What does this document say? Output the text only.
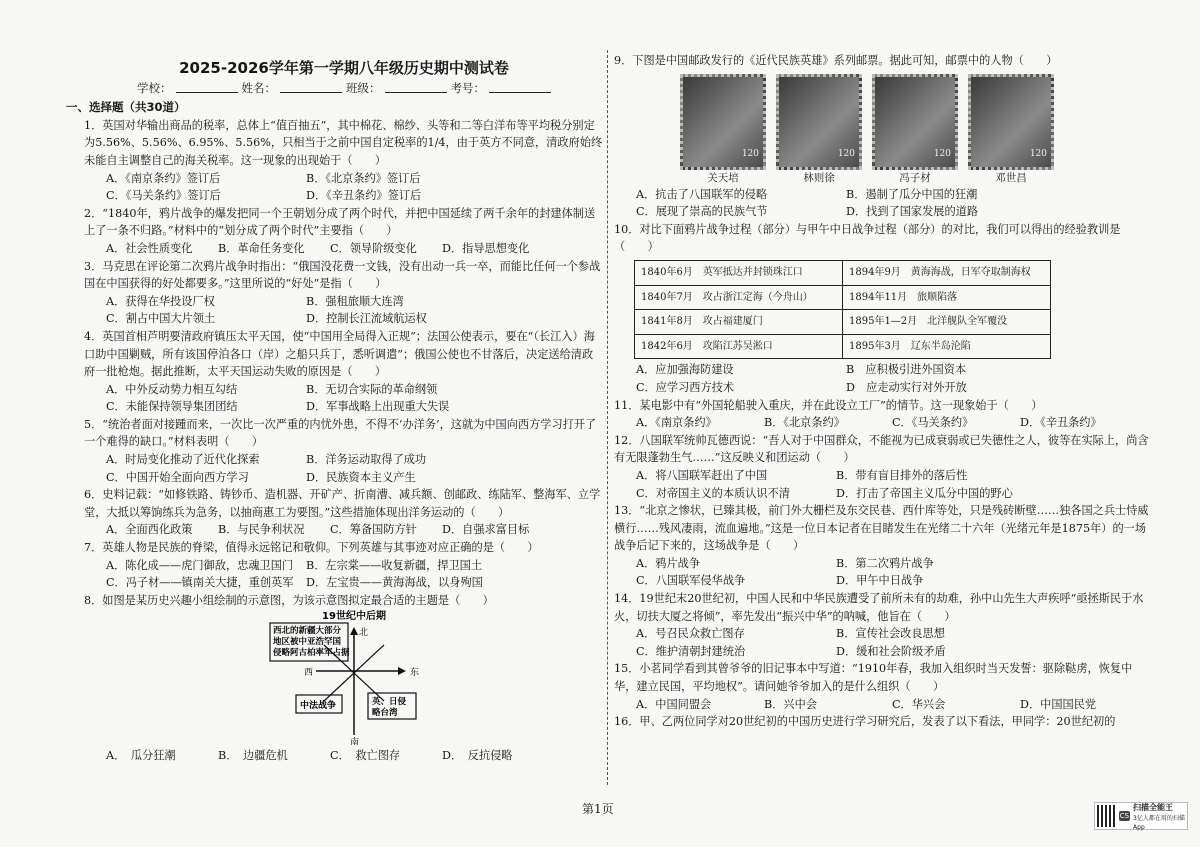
2025-2026学年第一学期八年级历史期中测试卷
学校：	姓名：	班级：	考号：
一、选择题（共30道）

1．英国对华输出商品的税率，总体上“值百抽五”，其中棉花、棉纱、头等和二等白洋布等平均税分别定为5.56%、5.56%、6.95%、5.56%，只相当于之前中国自定税率的1/4，由于英方不同意，清政府始终未能自主调整自己的海关税率。这一现象的出现始于（　　）

A．《南京条约》签订后	B．《北京条约》签订后
C．《马关条约》签订后	D．《辛丑条约》签订后

2．“1840年，鸦片战争的爆发把同一个王朝划分成了两个时代，并把中国延续了两千余年的封建体制送上了一条不归路。”材料中的“划分成了两个时代”主要指（　　）

A．社会性质变化	B．革命任务变化	C．领导阶级变化	D．指导思想变化

3．马克思在评论第二次鸦片战争时指出：“俄国没花费一文钱，没有出动一兵一卒，而能比任何一个参战国在中国获得的好处都要多。”这里所说的“好处”是指（　　）

A．获得在华投设厂权	B．强租旅顺大连湾
C．割占中国大片领土	D．控制长江流域航运权

4．英国首相芦明要清政府镇压太平天国，使“中国用全局得入正规”；法国公使表示，要在“（长江入）海口助中国剿贼，所有该国停泊各口（岸）之船只兵丁，悉听调遣”；俄国公使也不甘落后，决定送给清政府一批枪炮。据此推断，太平天国运动失败的原因是（　　）

A．中外反动势力相互勾结	B．无切合实际的革命纲领
C．未能保持领导集团团结	D．军事战略上出现重大失误

5．“统治者面对接踵而来，一次比一次严重的内忧外患，不得不‘办洋务’，这就为中国向西方学习打开了一个难得的缺口。”材料表明（　　）

A．时局变化推动了近代化探索	B．洋务运动取得了成功
C．中国开始全面向西方学习	D．民族资本主义产生

6．史料记载：“如修铁路、铸钞币、造机器、开矿产、折南漕、减兵额、创邮政、练陆军、整海军、立学堂，大抵以筹饷练兵为急务，以抽商惠工为要图。”这些措施体现出洋务运动的（　　）

A．全面西化政策	B．与民争利状况	C．筹备国防方针	D．自强求富目标

7．英雄人物是民族的脊梁，值得永远铭记和敬仰。下列英雄与其事迹对应正确的是（　　）

A．陈化成——虎门御敌，忠魂卫国门	B．左宗棠——收复新疆，捍卫国土
C．冯子材——镇南关大捷，重创英军	D．左宝贵——黄海海战，以身殉国

8．如图是某历史兴趣小组绘制的示意图，为该示意图拟定最合适的主题是（　　）

19世纪中后期
北
东
西
南
西北的新疆大部分
地区被中亚浩罕国
侵略阿古柏率军占据
中法战争	英、日侵
略台湾
A．　瓜分狂潮	B．　边疆危机	C．　救亡图存	D．　反抗侵略

9．下图是中国邮政发行的《近代民族英雄》系列邮票。据此可知，邮票中的人物（　　）

120
关天培
120
林则徐
120
冯子材
120
邓世昌
A．抗击了八国联军的侵略	B．遏制了瓜分中国的狂潮
C．展现了崇高的民族气节	D．找到了国家发展的道路

10．对比下面鸦片战争过程（部分）与甲午中日战争过程（部分）的对比，我们可以得出的经验教训是（　　）

1840年6月　英军抵达并封锁珠江口	1894年9月　黄海海战，日军夺取制海权
1840年7月　攻占浙江定海（今舟山）	1894年11月　旅顺陷落
1841年8月　攻占福建厦门	1895年1—2月　北洋舰队全军覆没
1842年6月　攻陷江苏吴淞口	1895年3月　辽东半岛沦陷
A．应加强海防建设	B　应积极引进外国资本
C．应学习西方技术	D　应走动实行对外开放

11．某电影中有“外国轮船驶入重庆，并在此设立工厂”的情节。这一现象始于（　　）

A．《南京条约》	B．《北京条约》	C．《马关条约》	D．《辛丑条约》

12．八国联军统帅瓦德西说：“吾人对于中国群众，不能视为已成衰弱或已失德性之人，彼等在实际上，尚含有无限蓬勃生气……”这反映义和团运动（　　）

A．将八国联军赶出了中国	B．带有盲目排外的落后性
C．对帝国主义的本质认识不清	D．打击了帝国主义瓜分中国的野心

13．“北京之惨状，已臻其极，前门外大栅栏及东交民巷、西什库等处，只是残砖断壁……独各国之兵士恃威横行……残风凄雨，流血遍地。”这是一位日本记者在目睹发生在光绪二十六年（光绪元年是1875年）的一场战争后记下来的，这场战争是（　　）

A．鸦片战争	B．第二次鸦片战争
C．八国联军侵华战争	D．甲午中日战争

14．19世纪末20世纪初，中国人民和中华民族遭受了前所未有的劫难，孙中山先生大声疾呼“亟拯斯民于水火，切扶大厦之将倾”，率先发出“振兴中华”的呐喊，他旨在（　　）

A．号召民众救亡图存	B．宣传社会改良思想
C．维护清朝封建统治	D．缓和社会阶级矛盾

15．小茗同学看到其曾爷爷的旧记事本中写道：“1910年春，我加入组织时当天发誓：驱除鞑虏，恢复中华，建立民国，平均地权”。请问她爷爷加入的是什么组织（　　）

A．中国同盟会	B．兴中会	C．华兴会	D．中国国民党

16．甲、乙两位同学对20世纪初的中国历史进行学习研究后，发表了以下看法，甲同学：20世纪初的

第1页	CS
扫描全能王
3亿人都在用的扫描App
